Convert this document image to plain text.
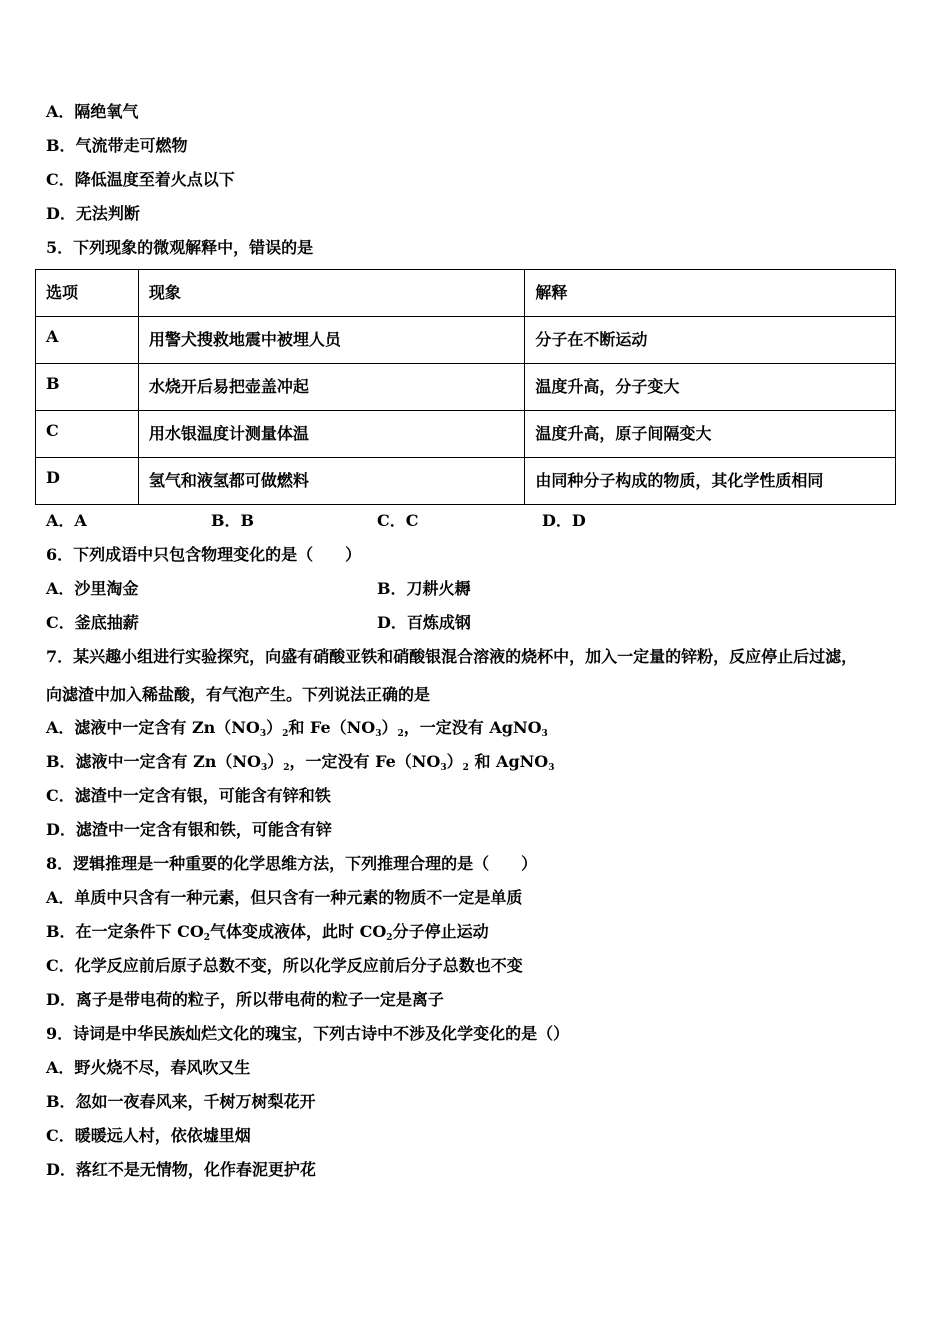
A．隔绝氧气
B．气流带走可燃物
C．降低温度至着火点以下
D．无法判断
5．下列现象的微观解释中，错误的是
选项	现象	解释
A	用警犬搜救地震中被埋人员	分子在不断运动
B	水烧开后易把壶盖冲起	温度升高，分子变大
C	用水银温度计测量体温	温度升高，原子间隔变大
D	氢气和液氢都可做燃料	由同种分子构成的物质，其化学性质相同
A．A	B．B	C．C	D．D
6．下列成语中只包含物理变化的是（　　）
A．沙里淘金	B．刀耕火耨
C．釜底抽薪	D．百炼成钢
7．某兴趣小组进行实验探究，向盛有硝酸亚铁和硝酸银混合溶液的烧杯中，加入一定量的锌粉，反应停止后过滤，
向滤渣中加入稀盐酸，有气泡产生。下列说法正确的是
A．滤液中一定含有 $Zn(NO_3)_2$和 $Fe(NO_3)_2$，一定没有 AgNO$_3$
B．滤液中一定含有 $Zn(NO_3)_2$，一定没有 $Fe(NO_3)_2$ 和 AgNO$_3$
C．滤渣中一定含有银，可能含有锌和铁
D．滤渣中一定含有银和铁，可能含有锌
8．逻辑推理是一种重要的化学思维方法，下列推理合理的是（　　）
A．单质中只含有一种元素，但只含有一种元素的物质不一定是单质
B．在一定条件下 $CO_2$气体变成液体，此时 $CO_2$分子停止运动
C．化学反应前后原子总数不变，所以化学反应前后分子总数也不变
D．离子是带电荷的粒子，所以带电荷的粒子一定是离子
9．诗词是中华民族灿烂文化的瑰宝，下列古诗中不涉及化学变化的是（）
A．野火烧不尽，春风吹又生
B．忽如一夜春风来，千树万树梨花开
C．暖暖远人村，依依墟里烟
D．落红不是无情物，化作春泥更护花
